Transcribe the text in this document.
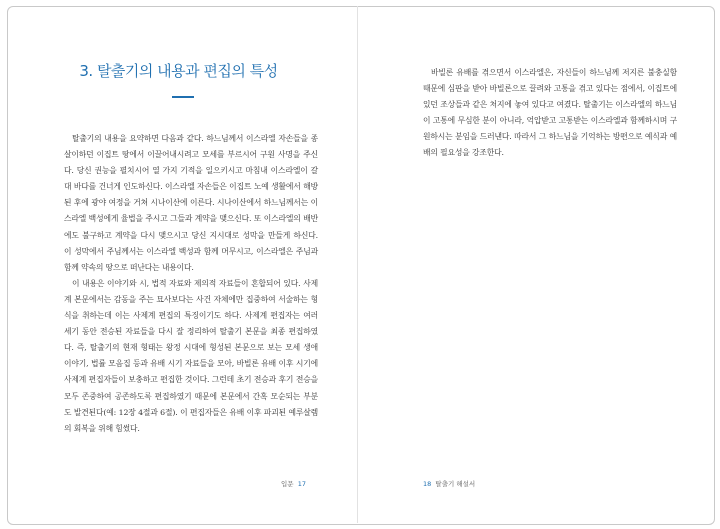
3. 탈출기의 내용과 편집의 특성

탈출기의 내용을 요약하면 다음과 같다. 하느님께서 이스라엘 자손들을 종살이하던 이집트 땅에서 이끌어내시려고 모세를 부르시어 구원 사명을 주신다. 당신 권능을 펼치시어 열 가지 기적을 일으키시고 마침내 이스라엘이 갈대 바다를 건너게 인도하신다. 이스라엘 자손들은 이집트 노예 생활에서 해방된 후에 광야 여정을 거쳐 시나이산에 이른다. 시나이산에서 하느님께서는 이스라엘 백성에게 율법을 주시고 그들과 계약을 맺으신다. 또 이스라엘의 배반에도 불구하고 계약을 다시 맺으시고 당신 지시대로 성막을 만들게 하신다. 이 성막에서 주님께서는 이스라엘 백성과 함께 머무시고, 이스라엘은 주님과 함께 약속의 땅으로 떠난다는 내용이다.

이 내용은 이야기와 시, 법적 자료와 제의적 자료들이 혼합되어 있다. 사제계 본문에서는 감동을 주는 묘사보다는 사건 자체에만 집중하여 서술하는 형식을 취하는데 이는 사제계 편집의 특징이기도 하다. 사제계 편집자는 여러 세기 동안 전승된 자료들을 다시 잘 정리하여 탈출기 본문을 최종 편집하였다. 즉, 탈출기의 현재 형태는 왕정 시대에 형성된 본문으로 보는 모세 생애 이야기, 법률 모음집 등과 유배 시기 자료들을 모아, 바빌론 유배 이후 시기에 사제계 편집자들이 보충하고 편집한 것이다. 그런데 초기 전승과 후기 전승을 모두 존중하여 공존하도록 편집하였기 때문에 본문에서 간혹 모순되는 부분도 발견된다(예: 12장 4절과 6절). 이 편집자들은 유배 이후 파괴된 예루살렘의 회복을 위해 힘썼다.

바빌론 유배를 겪으면서 이스라엘은, 자신들이 하느님께 저지른 불충실함 때문에 심판을 받아 바빌론으로 끌려와 고통을 겪고 있다는 점에서, 이집트에 있던 조상들과 같은 처지에 놓여 있다고 여겼다. 탈출기는 이스라엘의 하느님이 고통에 무심한 분이 아니라, 억압받고 고통받는 이스라엘과 함께하시며 구원하시는 분임을 드러낸다. 따라서 그 하느님을 기억하는 방편으로 예식과 예배의 필요성을 강조한다.

입문 17	18 탈출기 해설서
